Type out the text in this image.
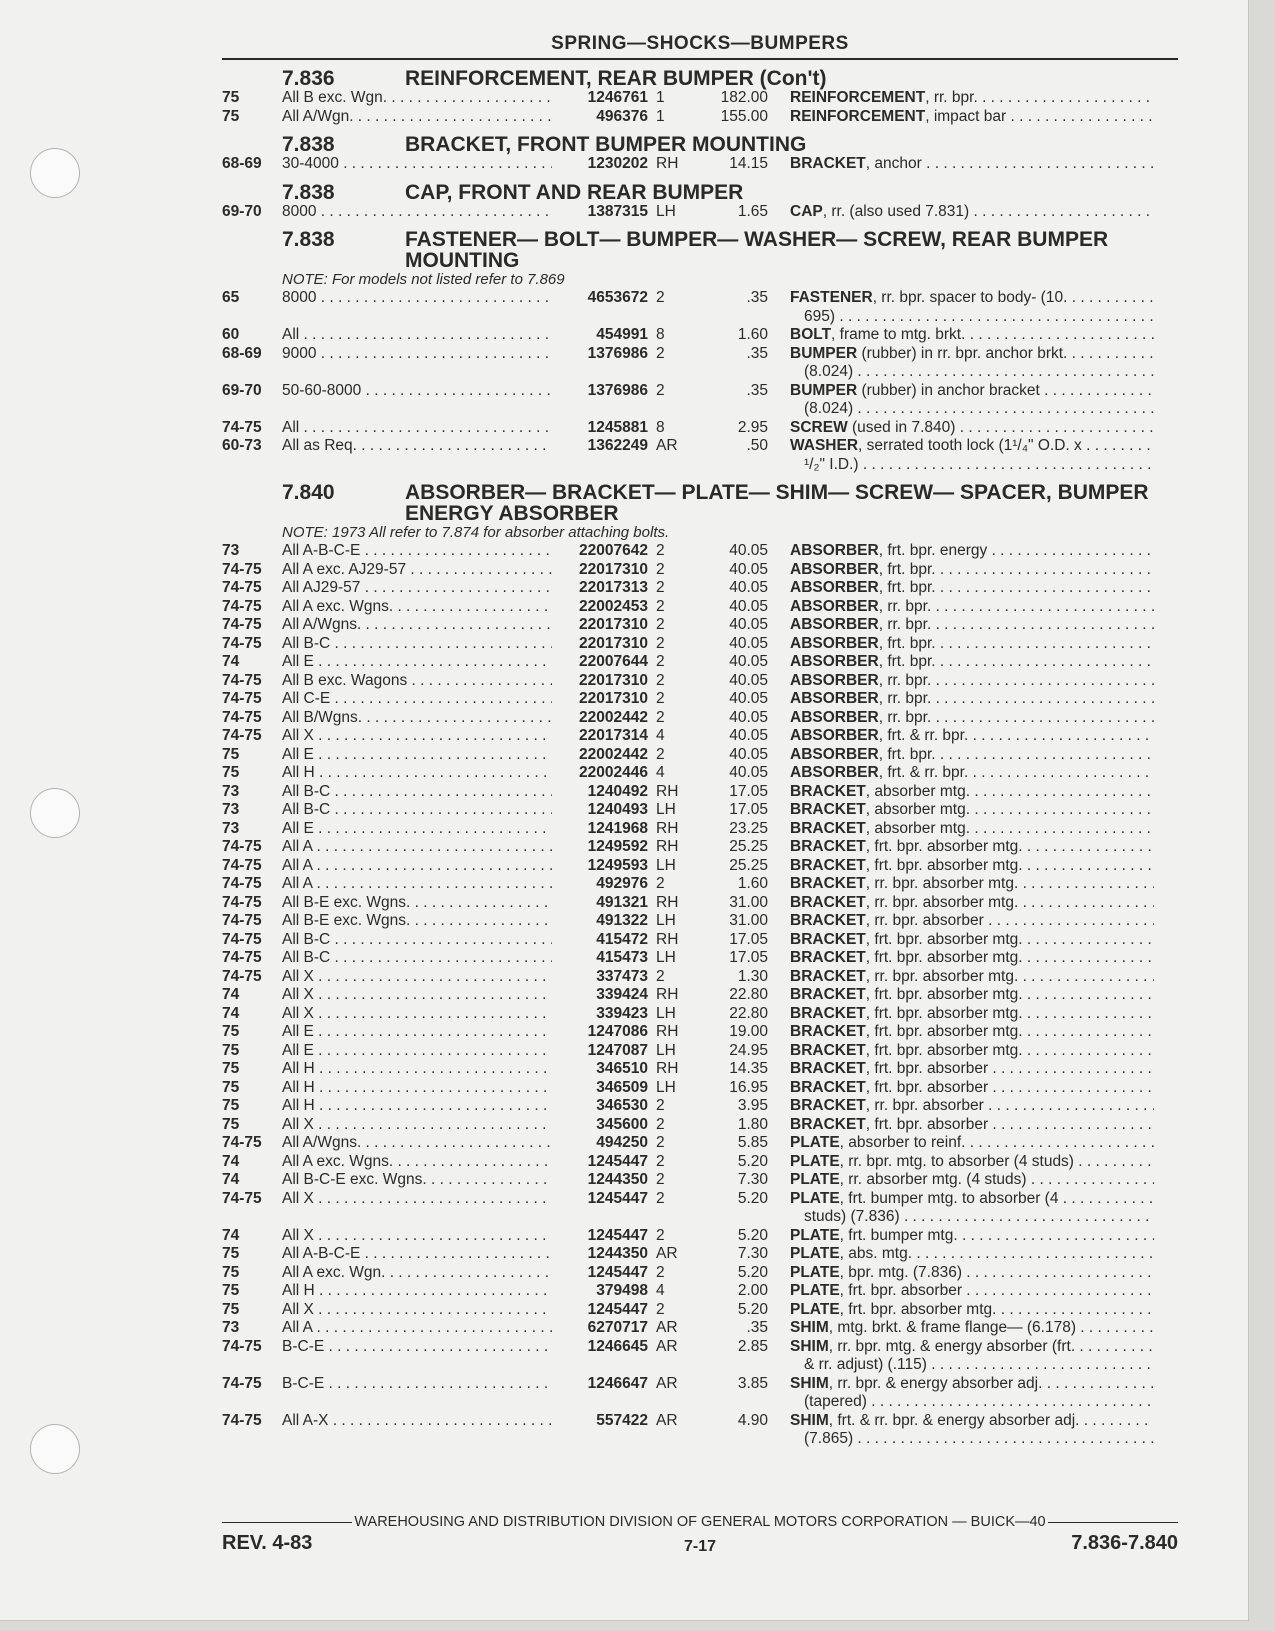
SPRING—SHOCKS—BUMPERS
7.836	REINFORCEMENT, REAR BUMPER (Con't)
75	All B exc. Wgn. . . .	1246761 1	182.00 REINFORCEMENT, rr. bpr. . . .
75	All A/Wgn. . . .	496376 1	155.00 REINFORCEMENT, impact bar . . .
7.838	BRACKET, FRONT BUMPER MOUNTING
68-69	30-4000 . . .	1230202 RH	14.15 BRACKET, anchor . . .
7.838	CAP, FRONT AND REAR BUMPER
69-70	8000 . . .	1387315 LH	1.65 CAP, rr. (also used 7.831) . . .
7.838	FASTENER— BOLT— BUMPER— WASHER— SCREW, REAR BUMPER MOUNTING
NOTE: For models not listed refer to 7.869
65	8000 . . .	4653672 2	.35 FASTENER, rr. bpr. spacer to body- (10. . . .
695) . . .
60	All . . .	454991 8	1.60 BOLT, frame to mtg. brkt. . . .
68-69	9000 . . .	1376986 2	.35 BUMPER (rubber) in rr. bpr. anchor brkt. . . .
(8.024) . . .
69-70	50-60-8000 . . .	1376986 2	.35 BUMPER (rubber) in anchor bracket . . .
(8.024) . . .
74-75	All . . .	1245881 8	2.95 SCREW (used in 7.840) . . .
60-73	All as Req. . . .	1362249 AR	.50 WASHER, serrated tooth lock (1¹/₄" O.D. x . . .
¹/₂" I.D.) . . .
7.840	ABSORBER— BRACKET— PLATE— SHIM— SCREW— SPACER, BUMPER ENERGY ABSORBER
NOTE: 1973 All refer to 7.874 for absorber attaching bolts.
73	All A-B-C-E . . .	22007642 2	40.05 ABSORBER, frt. bpr. energy . . .
74-75	All A exc. AJ29-57 . . .	22017310 2	40.05 ABSORBER, frt. bpr. . . .
74-75	All AJ29-57 . . .	22017313 2	40.05 ABSORBER, frt. bpr. . . .
74-75	All A exc. Wgns. . . .	22002453 2	40.05 ABSORBER, rr. bpr. . . .
74-75	All A/Wgns. . . .	22017310 2	40.05 ABSORBER, rr. bpr. . . .
74-75	All B-C . . .	22017310 2	40.05 ABSORBER, frt. bpr. . . .
74	All E . . .	22007644 2	40.05 ABSORBER, frt. bpr. . . .
74-75	All B exc. Wagons . . .	22017310 2	40.05 ABSORBER, rr. bpr. . . .
74-75	All C-E . . .	22017310 2	40.05 ABSORBER, rr. bpr. . . .
74-75	All B/Wgns. . . .	22002442 2	40.05 ABSORBER, rr. bpr. . . .
74-75	All X . . .	22017314 4	40.05 ABSORBER, frt. & rr. bpr. . . .
75	All E . . .	22002442 2	40.05 ABSORBER, frt. bpr. . . .
75	All H . . .	22002446 4	40.05 ABSORBER, frt. & rr. bpr. . . .
73	All B-C . . .	1240492 RH	17.05 BRACKET, absorber mtg. . . .
73	All B-C . . .	1240493 LH	17.05 BRACKET, absorber mtg. . . .
73	All E . . .	1241968 RH	23.25 BRACKET, absorber mtg. . . .
74-75	All A . . .	1249592 RH	25.25 BRACKET, frt. bpr. absorber mtg. . . .
74-75	All A . . .	1249593 LH	25.25 BRACKET, frt. bpr. absorber mtg. . . .
74-75	All A . . .	492976 2	1.60 BRACKET, rr. bpr. absorber mtg. . . .
74-75	All B-E exc. Wgns. . . .	491321 RH	31.00 BRACKET, rr. bpr. absorber mtg. . . .
74-75	All B-E exc. Wgns. . . .	491322 LH	31.00 BRACKET, rr. bpr. absorber . . .
74-75	All B-C . . .	415472 RH	17.05 BRACKET, frt. bpr. absorber mtg. . . .
74-75	All B-C . . .	415473 LH	17.05 BRACKET, frt. bpr. absorber mtg. . . .
74-75	All X . . .	337473 2	1.30 BRACKET, rr. bpr. absorber mtg. . . .
74	All X . . .	339424 RH	22.80 BRACKET, frt. bpr. absorber mtg. . . .
74	All X . . .	339423 LH	22.80 BRACKET, frt. bpr. absorber mtg. . . .
75	All E . . .	1247086 RH	19.00 BRACKET, frt. bpr. absorber mtg. . . .
75	All E . . .	1247087 LH	24.95 BRACKET, frt. bpr. absorber mtg. . . .
75	All H . . .	346510 RH	14.35 BRACKET, frt. bpr. absorber . . .
75	All H . . .	346509 LH	16.95 BRACKET, frt. bpr. absorber . . .
75	All H . . .	346530 2	3.95 BRACKET, rr. bpr. absorber . . .
75	All X . . .	345600 2	1.80 BRACKET, frt. bpr. absorber . . .
74-75	All A/Wgns. . . .	494250 2	5.85 PLATE, absorber to reinf. . . .
74	All A exc. Wgns. . . .	1245447 2	5.20 PLATE, rr. bpr. mtg. to absorber (4 studs) . . .
74	All B-C-E exc. Wgns. . . .	1244350 2	7.30 PLATE, rr. absorber mtg. (4 studs) . . .
74-75	All X . . .	1245447 2	5.20 PLATE, frt. bumper mtg. to absorber (4 . . .
studs) (7.836) . . .
74	All X . . .	1245447 2	5.20 PLATE, frt. bumper mtg. . . .
75	All A-B-C-E . . .	1244350 AR	7.30 PLATE, abs. mtg. . . .
75	All A exc. Wgn. . . .	1245447 2	5.20 PLATE, bpr. mtg. (7.836) . . .
75	All H . . .	379498 4	2.00 PLATE, frt. bpr. absorber . . .
75	All X . . .	1245447 2	5.20 PLATE, frt. bpr. absorber mtg. . . .
73	All A . . .	6270717 AR	.35 SHIM, mtg. brkt. & frame flange— (6.178) . . .
74-75	B-C-E . . .	1246645 AR	2.85 SHIM, rr. bpr. mtg. & energy absorber (frt. . . .
& rr. adjust) (.115) . . .
74-75	B-C-E . . .	1246647 AR	3.85 SHIM, rr. bpr. & energy absorber adj. . . .
(tapered) . . .
74-75	All A-X . . .	557422 AR	4.90 SHIM, frt. & rr. bpr. & energy absorber adj. . . .
(7.865) . . .
WAREHOUSING AND DISTRIBUTION DIVISION OF GENERAL MOTORS CORPORATION — BUICK—40
REV. 4-83	7-17	7.836-7.840
